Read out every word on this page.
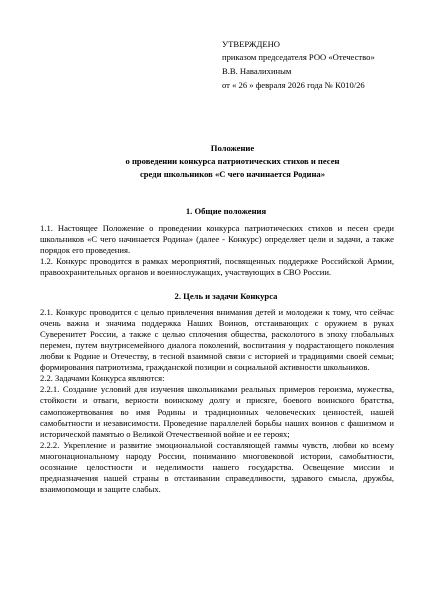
УТВЕРЖДЕНО
приказом председателя РОО «Отечество»
В.В. Навалихиным
от « 26 » февраля 2026 года № К010/26
Положение
о проведении конкурса патриотических стихов и песен
среди школьников «С чего начинается Родина»
1. Общие положения
1.1. Настоящее Положение о проведении конкурса патриотических стихов и песен среди школьников «С чего начинается Родина» (далее - Конкурс) определяет цели и задачи, а также порядок его проведения.
1.2. Конкурс проводится в рамках мероприятий, посвященных поддержке Российской Армии, правоохранительных органов и военнослужащих, участвующих в СВО России.
2. Цель и задачи Конкурса
2.1. Конкурс проводится с целью привлечения внимания детей и молодежи к тому, что сейчас очень важна и значима поддержка Наших Воинов, отстаивающих с оружием в руках Суверенитет России, а также с целью сплочения общества, расколотого в эпоху глобальных перемен, путем внутрисемейного диалога поколений, воспитания у подрастающего поколения любви к Родине и Отечеству, в тесной взаимной связи с историей и традициями своей семьи; формирования патриотизма, гражданской позиции и социальной активности школьников.
2.2. Задачами Конкурса являются:
2.2.1. Создание условий для изучения школьниками реальных примеров героизма, мужества, стойкости и отваги, верности воинскому долгу и присяге, боевого воинского братства, самопожертвования во имя Родины и традиционных человеческих ценностей, нашей самобытности и независимости. Проведение параллелей борьбы наших воинов с фашизмом и исторической памятью о Великой Отечественной войне и ее героях;
2.2.2. Укрепление и развитие эмоциональной составляющей гаммы чувств, любви ко всему многонациональному народу России, пониманию многовековой истории, самобытности, осознание целостности и неделимости нашего государства. Освещение миссии и предназначения нашей страны в отстаивании справедливости, здравого смысла, дружбы, взаимопомощи и защите слабых.
